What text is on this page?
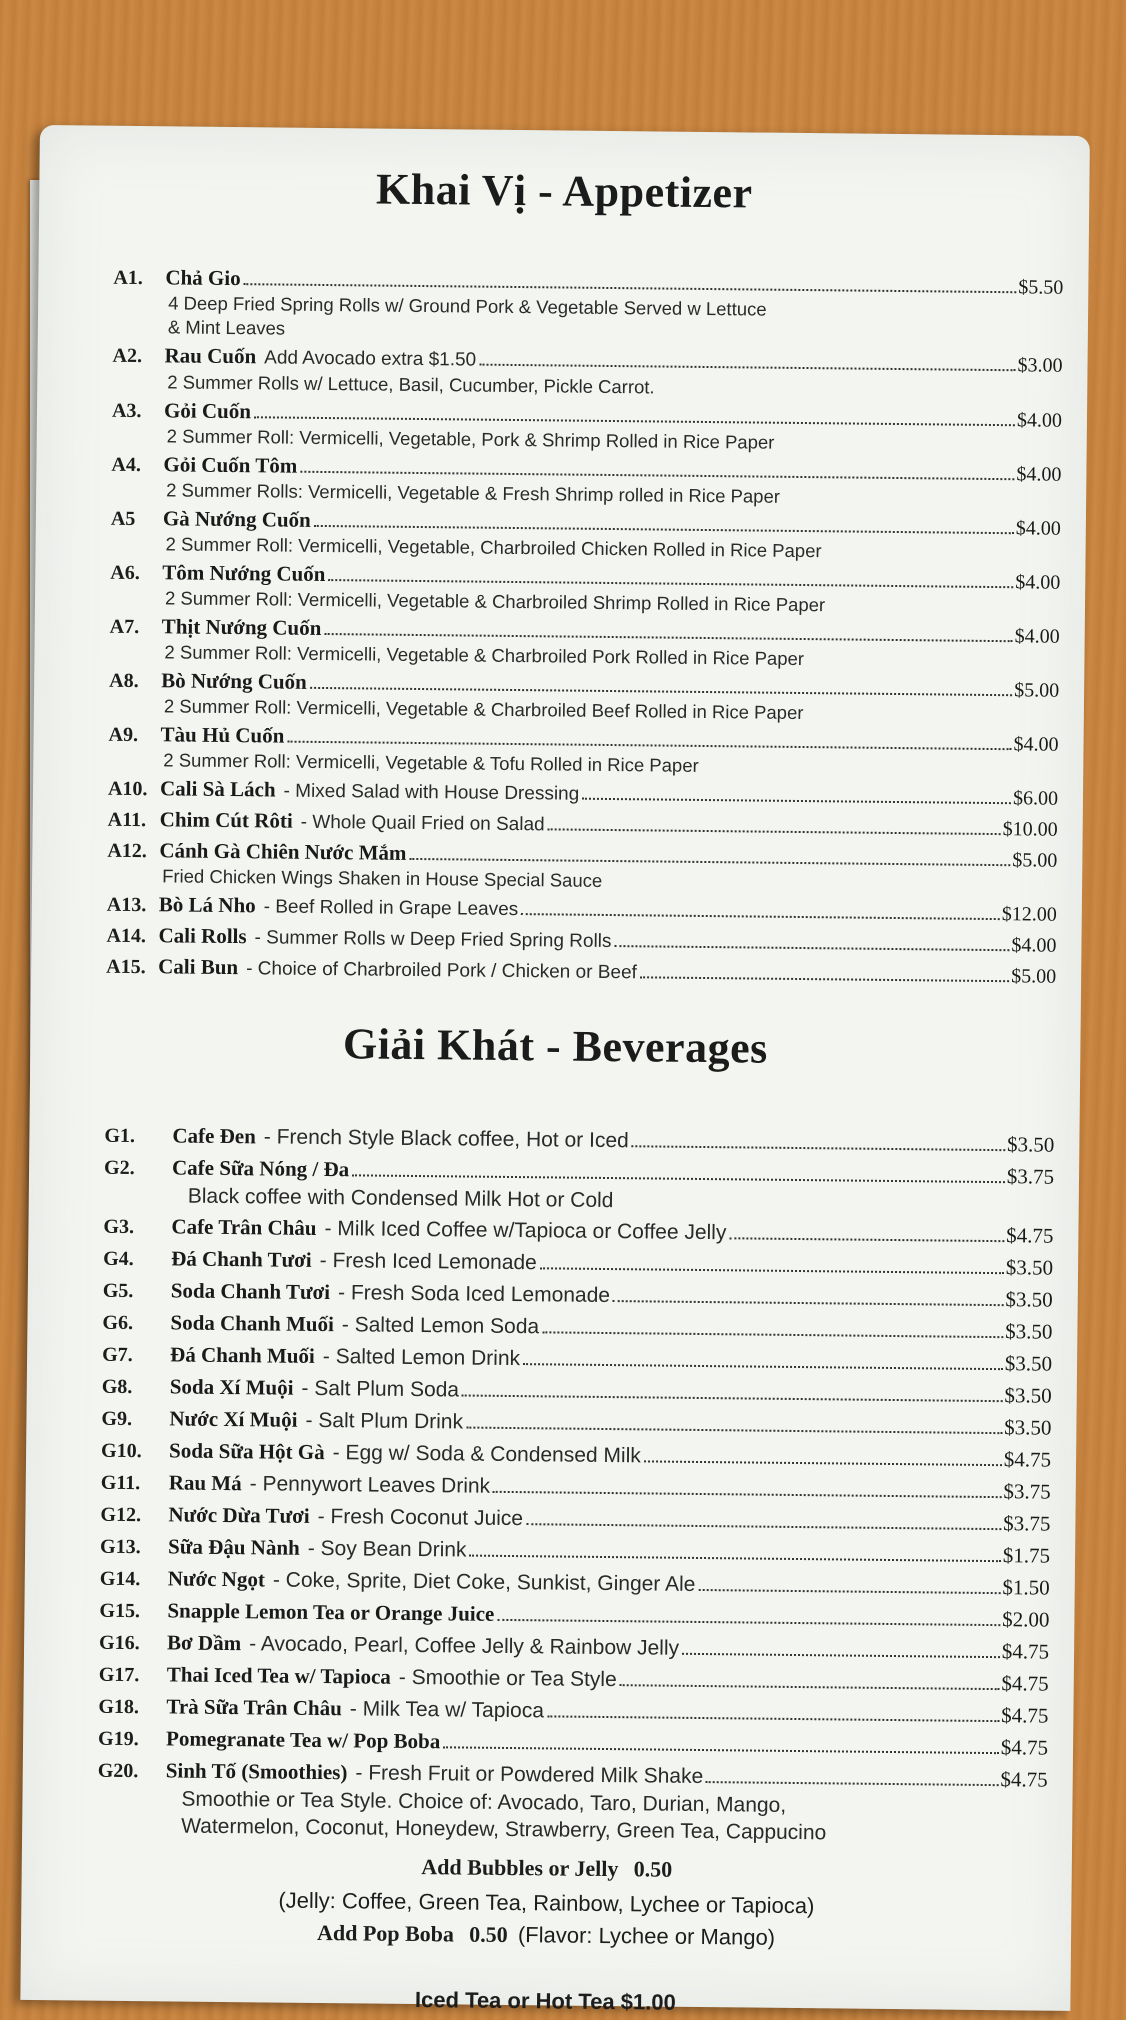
Khai Vị - Appetizer
A1.	Chả Gio	$5.50
4 Deep Fried Spring Rolls w/ Ground Pork & Vegetable Served w Lettuce
& Mint Leaves
A2.	Rau Cuốn Add Avocado extra $1.50	$3.00
2 Summer Rolls w/ Lettuce, Basil, Cucumber, Pickle Carrot.
A3.	Gỏi Cuốn	$4.00
2 Summer Roll: Vermicelli, Vegetable, Pork & Shrimp Rolled in Rice Paper
A4.	Gỏi Cuốn Tôm	$4.00
2 Summer Rolls: Vermicelli, Vegetable & Fresh Shrimp rolled in Rice Paper
A5	Gà Nướng Cuốn	$4.00
2 Summer Roll: Vermicelli, Vegetable, Charbroiled Chicken Rolled in Rice Paper
A6.	Tôm Nướng Cuốn	$4.00
2 Summer Roll: Vermicelli, Vegetable & Charbroiled Shrimp Rolled in Rice Paper
A7.	Thịt Nướng Cuốn	$4.00
2 Summer Roll: Vermicelli, Vegetable & Charbroiled Pork Rolled in Rice Paper
A8.	Bò Nướng Cuốn	$5.00
2 Summer Roll: Vermicelli, Vegetable & Charbroiled Beef Rolled in Rice Paper
A9.	Tàu Hủ Cuốn	$4.00
2 Summer Roll: Vermicelli, Vegetable & Tofu Rolled in Rice Paper
A10. Cali Sà Lách - Mixed Salad with House Dressing	$6.00
A11. Chim Cút Rôti - Whole Quail Fried on Salad	$10.00
A12. Cánh Gà Chiên Nước Mắm	$5.00
Fried Chicken Wings Shaken in House Special Sauce
A13. Bò Lá Nho - Beef Rolled in Grape Leaves	$12.00
A14. Cali Rolls - Summer Rolls w Deep Fried Spring Rolls	$4.00
A15. Cali Bun - Choice of Charbroiled Pork / Chicken or Beef	$5.00
Giải Khát - Beverages
G1.	Cafe Đen - French Style Black coffee, Hot or Iced	$3.50
G2.	Cafe Sữa Nóng / Đa	$3.75
Black coffee with Condensed Milk Hot or Cold
G3.	Cafe Trân Châu - Milk Iced Coffee w/Tapioca or Coffee Jelly	$4.75
G4.	Đá Chanh Tươi - Fresh Iced Lemonade	$3.50
G5.	Soda Chanh Tươi - Fresh Soda Iced Lemonade	$3.50
G6.	Soda Chanh Muối - Salted Lemon Soda	$3.50
G7.	Đá Chanh Muối - Salted Lemon Drink	$3.50
G8.	Soda Xí Muội - Salt Plum Soda	$3.50
G9.	Nước Xí Muội - Salt Plum Drink	$3.50
G10.	Soda Sữa Hột Gà - Egg w/ Soda & Condensed Milk	$4.75
G11.	Rau Má - Pennywort Leaves Drink	$3.75
G12.	Nước Dừa Tươi - Fresh Coconut Juice	$3.75
G13.	Sữa Đậu Nành - Soy Bean Drink	$1.75
G14.	Nước Ngọt - Coke, Sprite, Diet Coke, Sunkist, Ginger Ale	$1.50
G15.	Snapple Lemon Tea or Orange Juice	$2.00
G16.	Bơ Dầm - Avocado, Pearl, Coffee Jelly & Rainbow Jelly	$4.75
G17.	Thai Iced Tea w/ Tapioca - Smoothie or Tea Style	$4.75
G18.	Trà Sữa Trân Châu - Milk Tea w/ Tapioca	$4.75
G19.	Pomegranate Tea w/ Pop Boba	$4.75
G20.	Sinh Tố (Smoothies) - Fresh Fruit or Powdered Milk Shake	$4.75
Smoothie or Tea Style. Choice of: Avocado, Taro, Durian, Mango,
Watermelon, Coconut, Honeydew, Strawberry, Green Tea, Cappucino
Add Bubbles or Jelly 0.50
(Jelly: Coffee, Green Tea, Rainbow, Lychee or Tapioca)
Add Pop Boba 0.50 (Flavor: Lychee or Mango)
Iced Tea or Hot Tea $1.00
